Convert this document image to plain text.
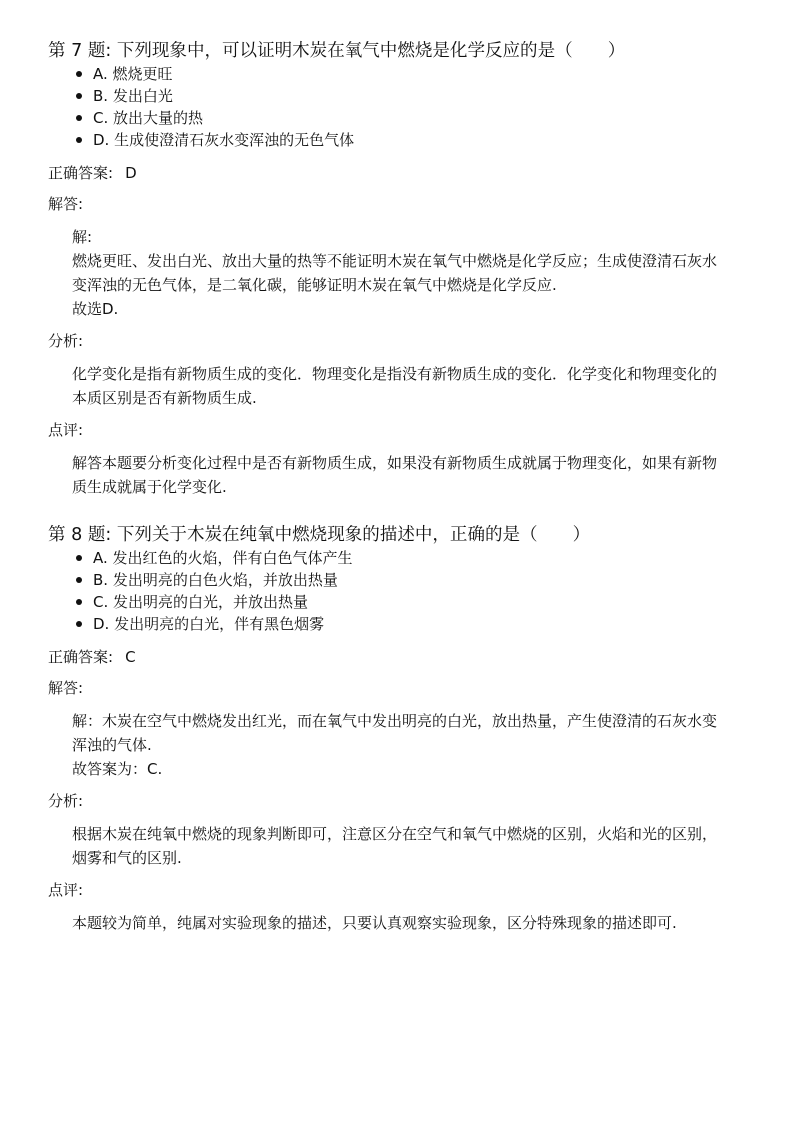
第 7 题: 下列现象中，可以证明木炭在氧气中燃烧是化学反应的是（　　）
A. 燃烧更旺
B. 发出白光
C. 放出大量的热
D. 生成使澄清石灰水变浑浊的无色气体
正确答案: D
解答:

解:

燃烧更旺、发出白光、放出大量的热等不能证明木炭在氧气中燃烧是化学反应；生成使澄清石灰水变浑浊的无色气体，是二氧化碳，能够证明木炭在氧气中燃烧是化学反应.

故选D.

分析:

化学变化是指有新物质生成的变化．物理变化是指没有新物质生成的变化．化学变化和物理变化的本质区别是否有新物质生成.

点评:

解答本题要分析变化过程中是否有新物质生成，如果没有新物质生成就属于物理变化，如果有新物质生成就属于化学变化.

第 8 题: 下列关于木炭在纯氧中燃烧现象的描述中，正确的是（　　）
A. 发出红色的火焰，伴有白色气体产生
B. 发出明亮的白色火焰，并放出热量
C. 发出明亮的白光，并放出热量
D. 发出明亮的白光，伴有黑色烟雾
正确答案: C
解答:

解：木炭在空气中燃烧发出红光，而在氧气中发出明亮的白光，放出热量，产生使澄清的石灰水变浑浊的气体.

故答案为：C.

分析:

根据木炭在纯氧中燃烧的现象判断即可，注意区分在空气和氧气中燃烧的区别，火焰和光的区别，烟雾和气的区别.

点评:

本题较为简单，纯属对实验现象的描述，只要认真观察实验现象，区分特殊现象的描述即可.
